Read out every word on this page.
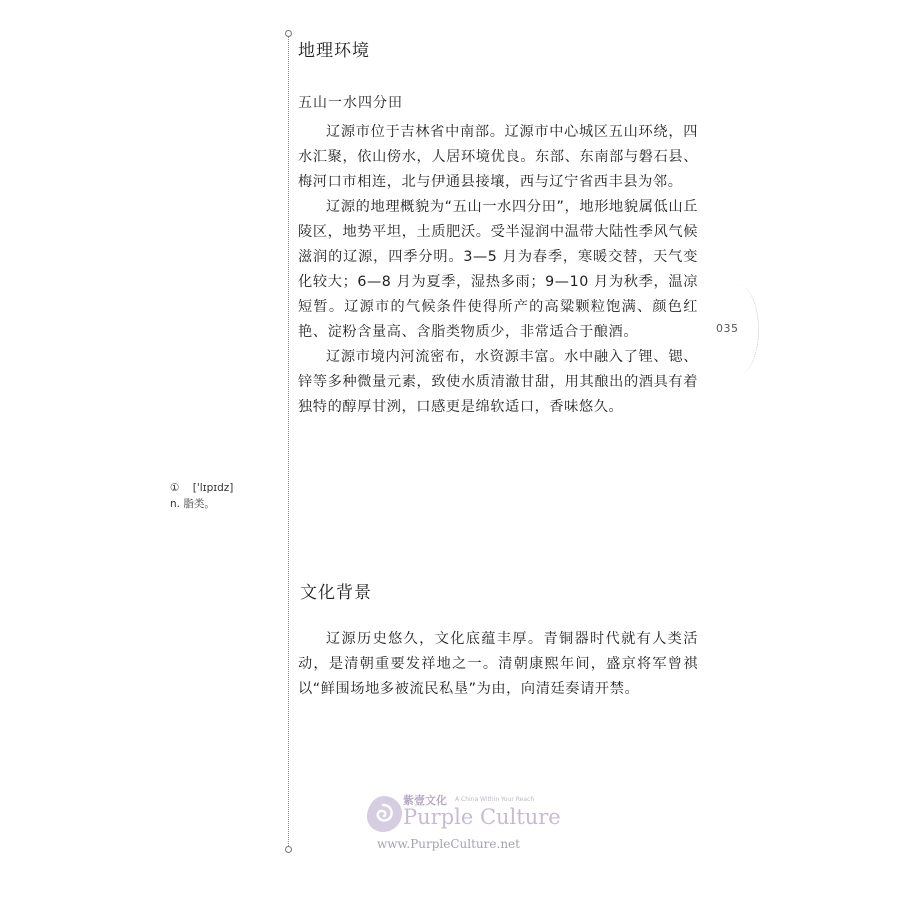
① ['lɪpɪdz]
n. 脂类。
地理环境
五山一水四分田

辽源市位于吉林省中南部。辽源市中心城区五山环绕，四水汇聚，依山傍水，人居环境优良。东部、东南部与磐石县、梅河口市相连，北与伊通县接壤，西与辽宁省西丰县为邻。

辽源的地理概貌为“五山一水四分田”，地形地貌属低山丘陵区，地势平坦，土质肥沃。受半湿润中温带大陆性季风气候滋润的辽源，四季分明。3—5 月为春季，寒暖交替，天气变化较大；6—8 月为夏季，湿热多雨；9—10 月为秋季，温凉短暂。辽源市的气候条件使得所产的高粱颗粒饱满、颜色红艳、淀粉含量高、含脂类物质少，非常适合于酿酒。

辽源市境内河流密布，水资源丰富。水中融入了锂、锶、锌等多种微量元素，致使水质清澈甘甜，用其酿出的酒具有着独特的醇厚甘洌，口感更是绵软适口，香味悠久。

文化背景

辽源历史悠久，文化底蕴丰厚。青铜器时代就有人类活动，是清朝重要发祥地之一。清朝康熙年间，盛京将军曾祺以“鲜围场地多被流民私垦”为由，向清廷奏请开禁。

035
紫壹文化 A China Within Your Reach
Purple Culture
www.PurpleCulture.net
